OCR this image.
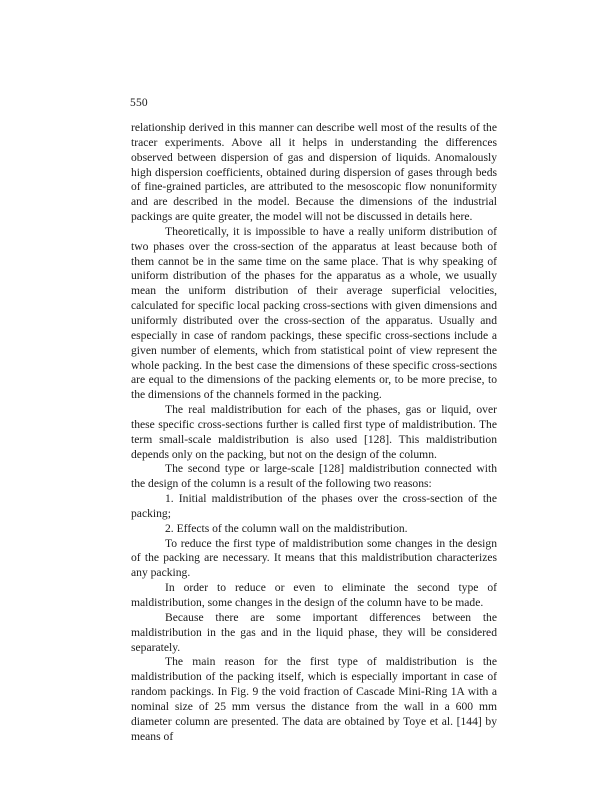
550

relationship derived in this manner can describe well most of the results of the tracer experiments. Above all it helps in understanding the differences observed between dispersion of gas and dispersion of liquids. Anomalously high dispersion coefficients, obtained during dispersion of gases through beds of fine-grained particles, are attributed to the mesoscopic flow nonuniformity and are described in the model. Because the dimensions of the industrial packings are quite greater, the model will not be discussed in details here.

Theoretically, it is impossible to have a really uniform distribution of two phases over the cross-section of the apparatus at least because both of them cannot be in the same time on the same place. That is why speaking of uniform distribution of the phases for the apparatus as a whole, we usually mean the uniform distribution of their average superficial velocities, calculated for specific local packing cross-sections with given dimensions and uniformly distributed over the cross-section of the apparatus. Usually and especially in case of random packings, these specific cross-sections include a given number of elements, which from statistical point of view represent the whole packing. In the best case the dimensions of these specific cross-sections are equal to the dimensions of the packing elements or, to be more precise, to the dimensions of the channels formed in the packing.

The real maldistribution for each of the phases, gas or liquid, over these specific cross-sections further is called first type of maldistribution. The term small-scale maldistribution is also used [128]. This maldistribution depends only on the packing, but not on the design of the column.

The second type or large-scale [128] maldistribution connected with the design of the column is a result of the following two reasons:

1. Initial maldistribution of the phases over the cross-section of the packing;

2. Effects of the column wall on the maldistribution.

To reduce the first type of maldistribution some changes in the design of the packing are necessary. It means that this maldistribution characterizes any packing.

In order to reduce or even to eliminate the second type of maldistribution, some changes in the design of the column have to be made.

Because there are some important differences between the maldistribution in the gas and in the liquid phase, they will be considered separately.

The main reason for the first type of maldistribution is the maldistribution of the packing itself, which is especially important in case of random packings. In Fig. 9 the void fraction of Cascade Mini-Ring 1A with a nominal size of 25 mm versus the distance from the wall in a 600 mm diameter column are presented. The data are obtained by Toye et al. [144] by means of
